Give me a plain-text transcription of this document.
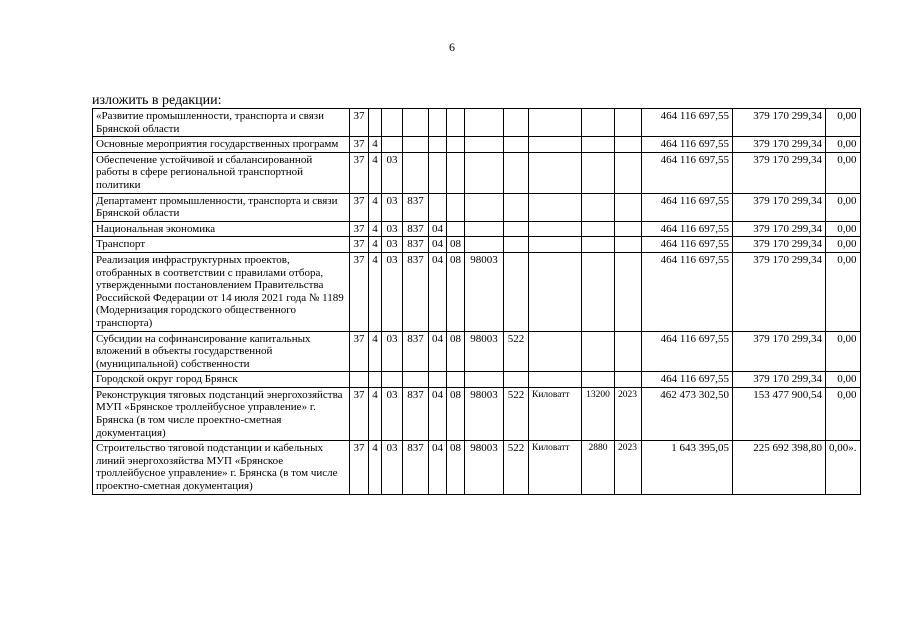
6
изложить в редакции:
«Развитие промышленности, транспорта и связи Брянской области	37											464 116 697,55	379 170 299,34	0,00
Основные мероприятия государственных программ	37	4										464 116 697,55	379 170 299,34	0,00
Обеспечение устойчивой и сбалансированной работы в сфере региональной транспортной политики	37	4	03									464 116 697,55	379 170 299,34	0,00
Департамент промышленности, транспорта и связи Брянской области	37	4	03	837								464 116 697,55	379 170 299,34	0,00
Национальная экономика	37	4	03	837	04							464 116 697,55	379 170 299,34	0,00
Транспорт	37	4	03	837	04	08						464 116 697,55	379 170 299,34	0,00
Реализация инфраструктурных проектов, отобранных в соответствии с правилами отбора, утвержденными постановлением Правительства Российской Федерации от 14 июля 2021 года № 1189 (Модернизация городского общественного транспорта)	37	4	03	837	04	08	98003					464 116 697,55	379 170 299,34	0,00
Субсидии на софинансирование капитальных вложений в объекты государственной (муниципальной) собственности	37	4	03	837	04	08	98003	522				464 116 697,55	379 170 299,34	0,00
Городской округ город Брянск												464 116 697,55	379 170 299,34	0,00
Реконструкция тяговых подстанций энергохозяйства МУП «Брянское троллейбусное управление» г. Брянска (в том числе проектно-сметная документация)	37	4	03	837	04	08	98003	522	Киловатт	13200	2023	462 473 302,50	153 477 900,54	0,00
Строительство тяговой подстанции и кабельных линий энергохозяйства МУП «Брянское троллейбусное управление» г. Брянска (в том числе проектно-сметная документация)	37	4	03	837	04	08	98003	522	Киловатт	2880	2023	1 643 395,05	225 692 398,80	0,00».
